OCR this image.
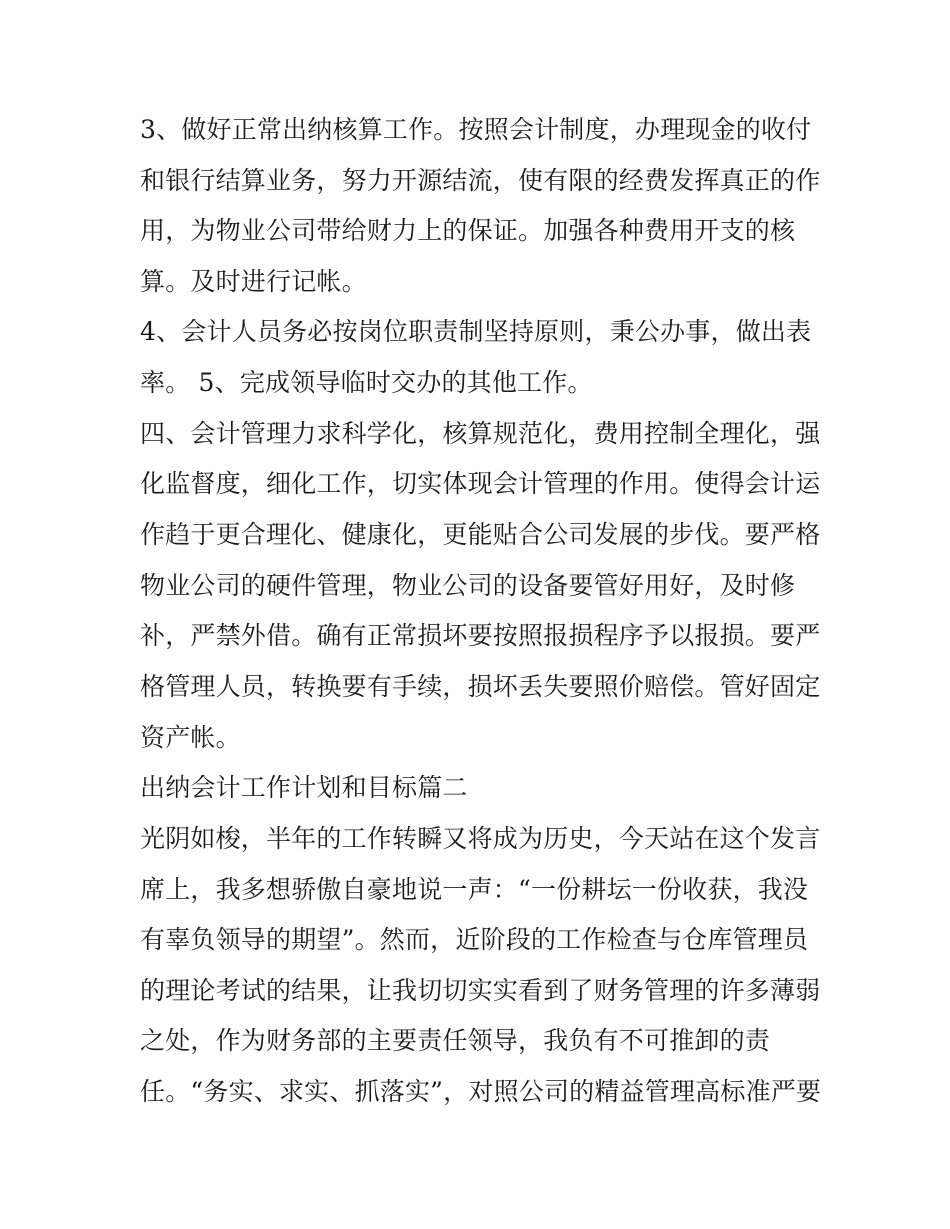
3、做好正常出纳核算工作。按照会计制度，办理现金的收付

和银行结算业务，努力开源结流，使有限的经费发挥真正的作

用，为物业公司带给财力上的保证。加强各种费用开支的核

算。及时进行记帐。

4、会计人员务必按岗位职责制坚持原则，秉公办事，做出表

率。 5、完成领导临时交办的其他工作。

四、会计管理力求科学化，核算规范化，费用控制全理化，强

化监督度，细化工作，切实体现会计管理的作用。使得会计运

作趋于更合理化、健康化，更能贴合公司发展的步伐。要严格

物业公司的硬件管理，物业公司的设备要管好用好，及时修

补，严禁外借。确有正常损坏要按照报损程序予以报损。要严

格管理人员，转换要有手续，损坏丢失要照价赔偿。管好固定

资产帐。

出纳会计工作计划和目标篇二

光阴如梭，半年的工作转瞬又将成为历史，今天站在这个发言

席上，我多想骄傲自豪地说一声：“一份耕坛一份收获，我没

有辜负领导的期望”。然而，近阶段的工作检查与仓库管理员

的理论考试的结果，让我切切实实看到了财务管理的许多薄弱

之处，作为财务部的主要责任领导，我负有不可推卸的责

任。“务实、求实、抓落实”，对照公司的精益管理高标准严要
